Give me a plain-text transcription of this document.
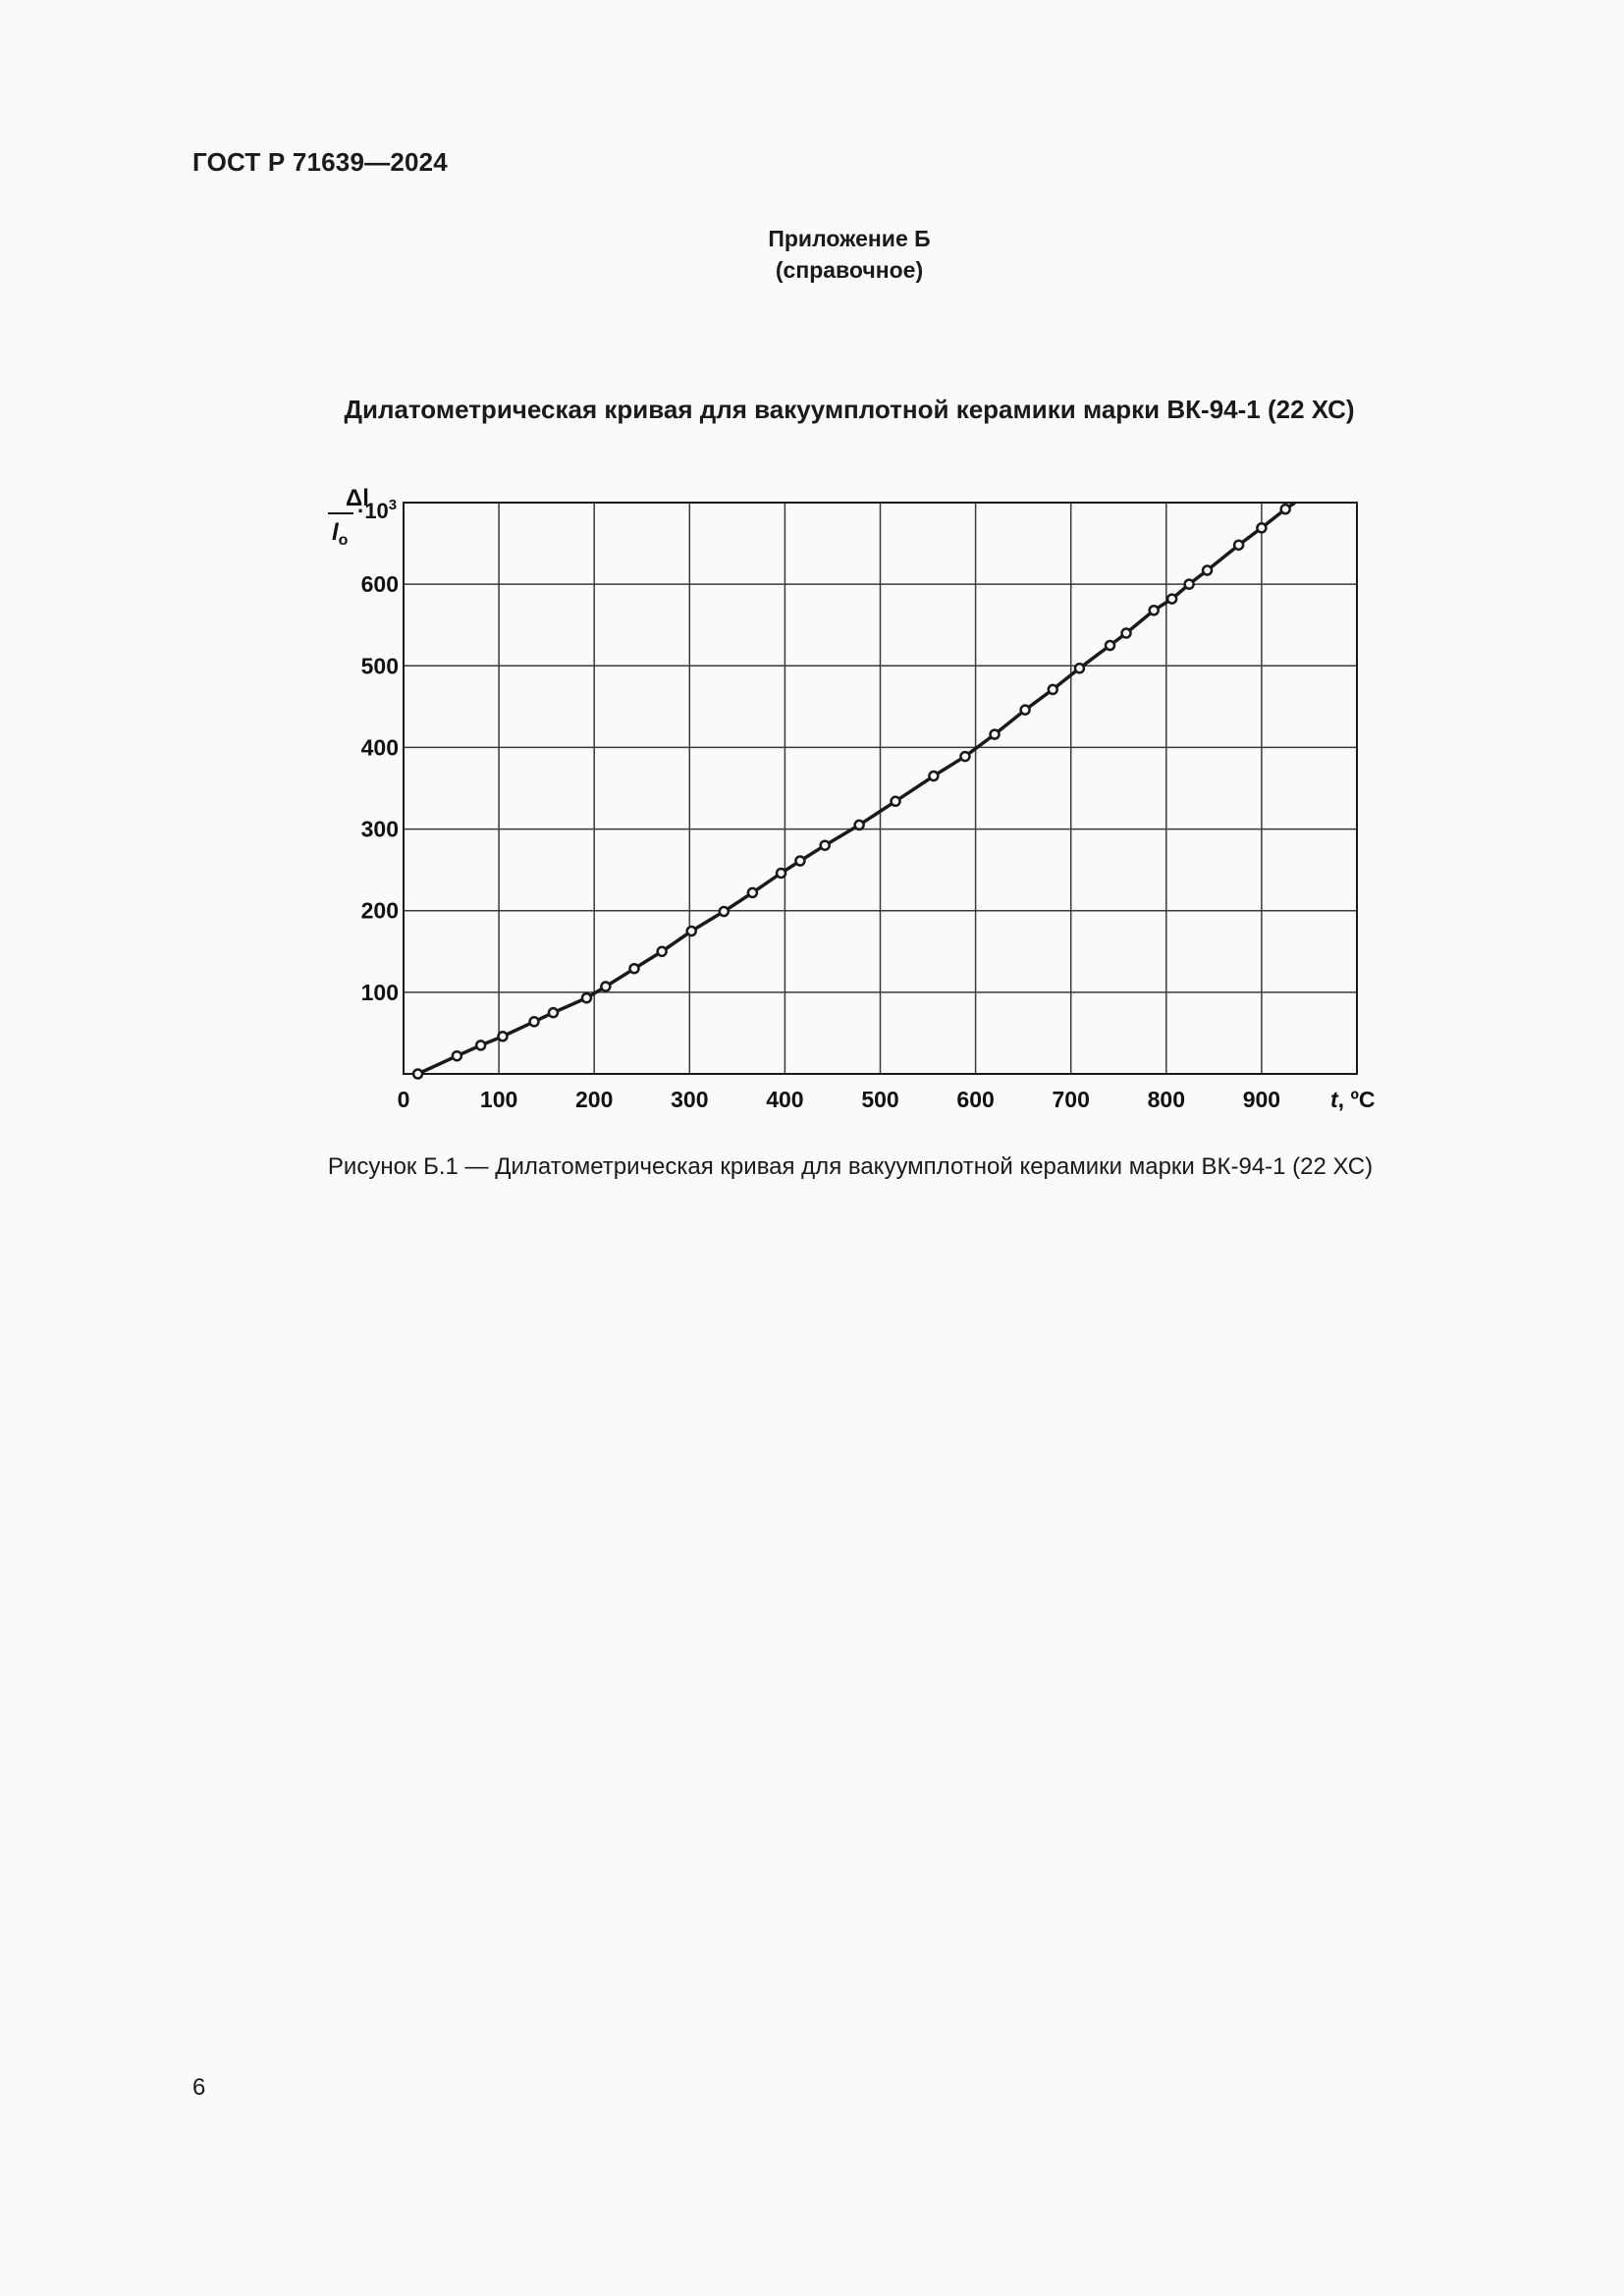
ГОСТ Р 71639—2024
Приложение Б
(справочное)
Дилатометрическая кривая для вакуумплотной керамики марки ВК-94-1 (22 ХС)
0	100	200	300	400	500	600	700	800	900
100
200
300
400
500
600
Δl
$l_o$
$\cdot 10^3$
t, ºC
Рисунок Б.1 — Дилатометрическая кривая для вакуумплотной керамики марки ВК-94-1 (22 ХС)
6
